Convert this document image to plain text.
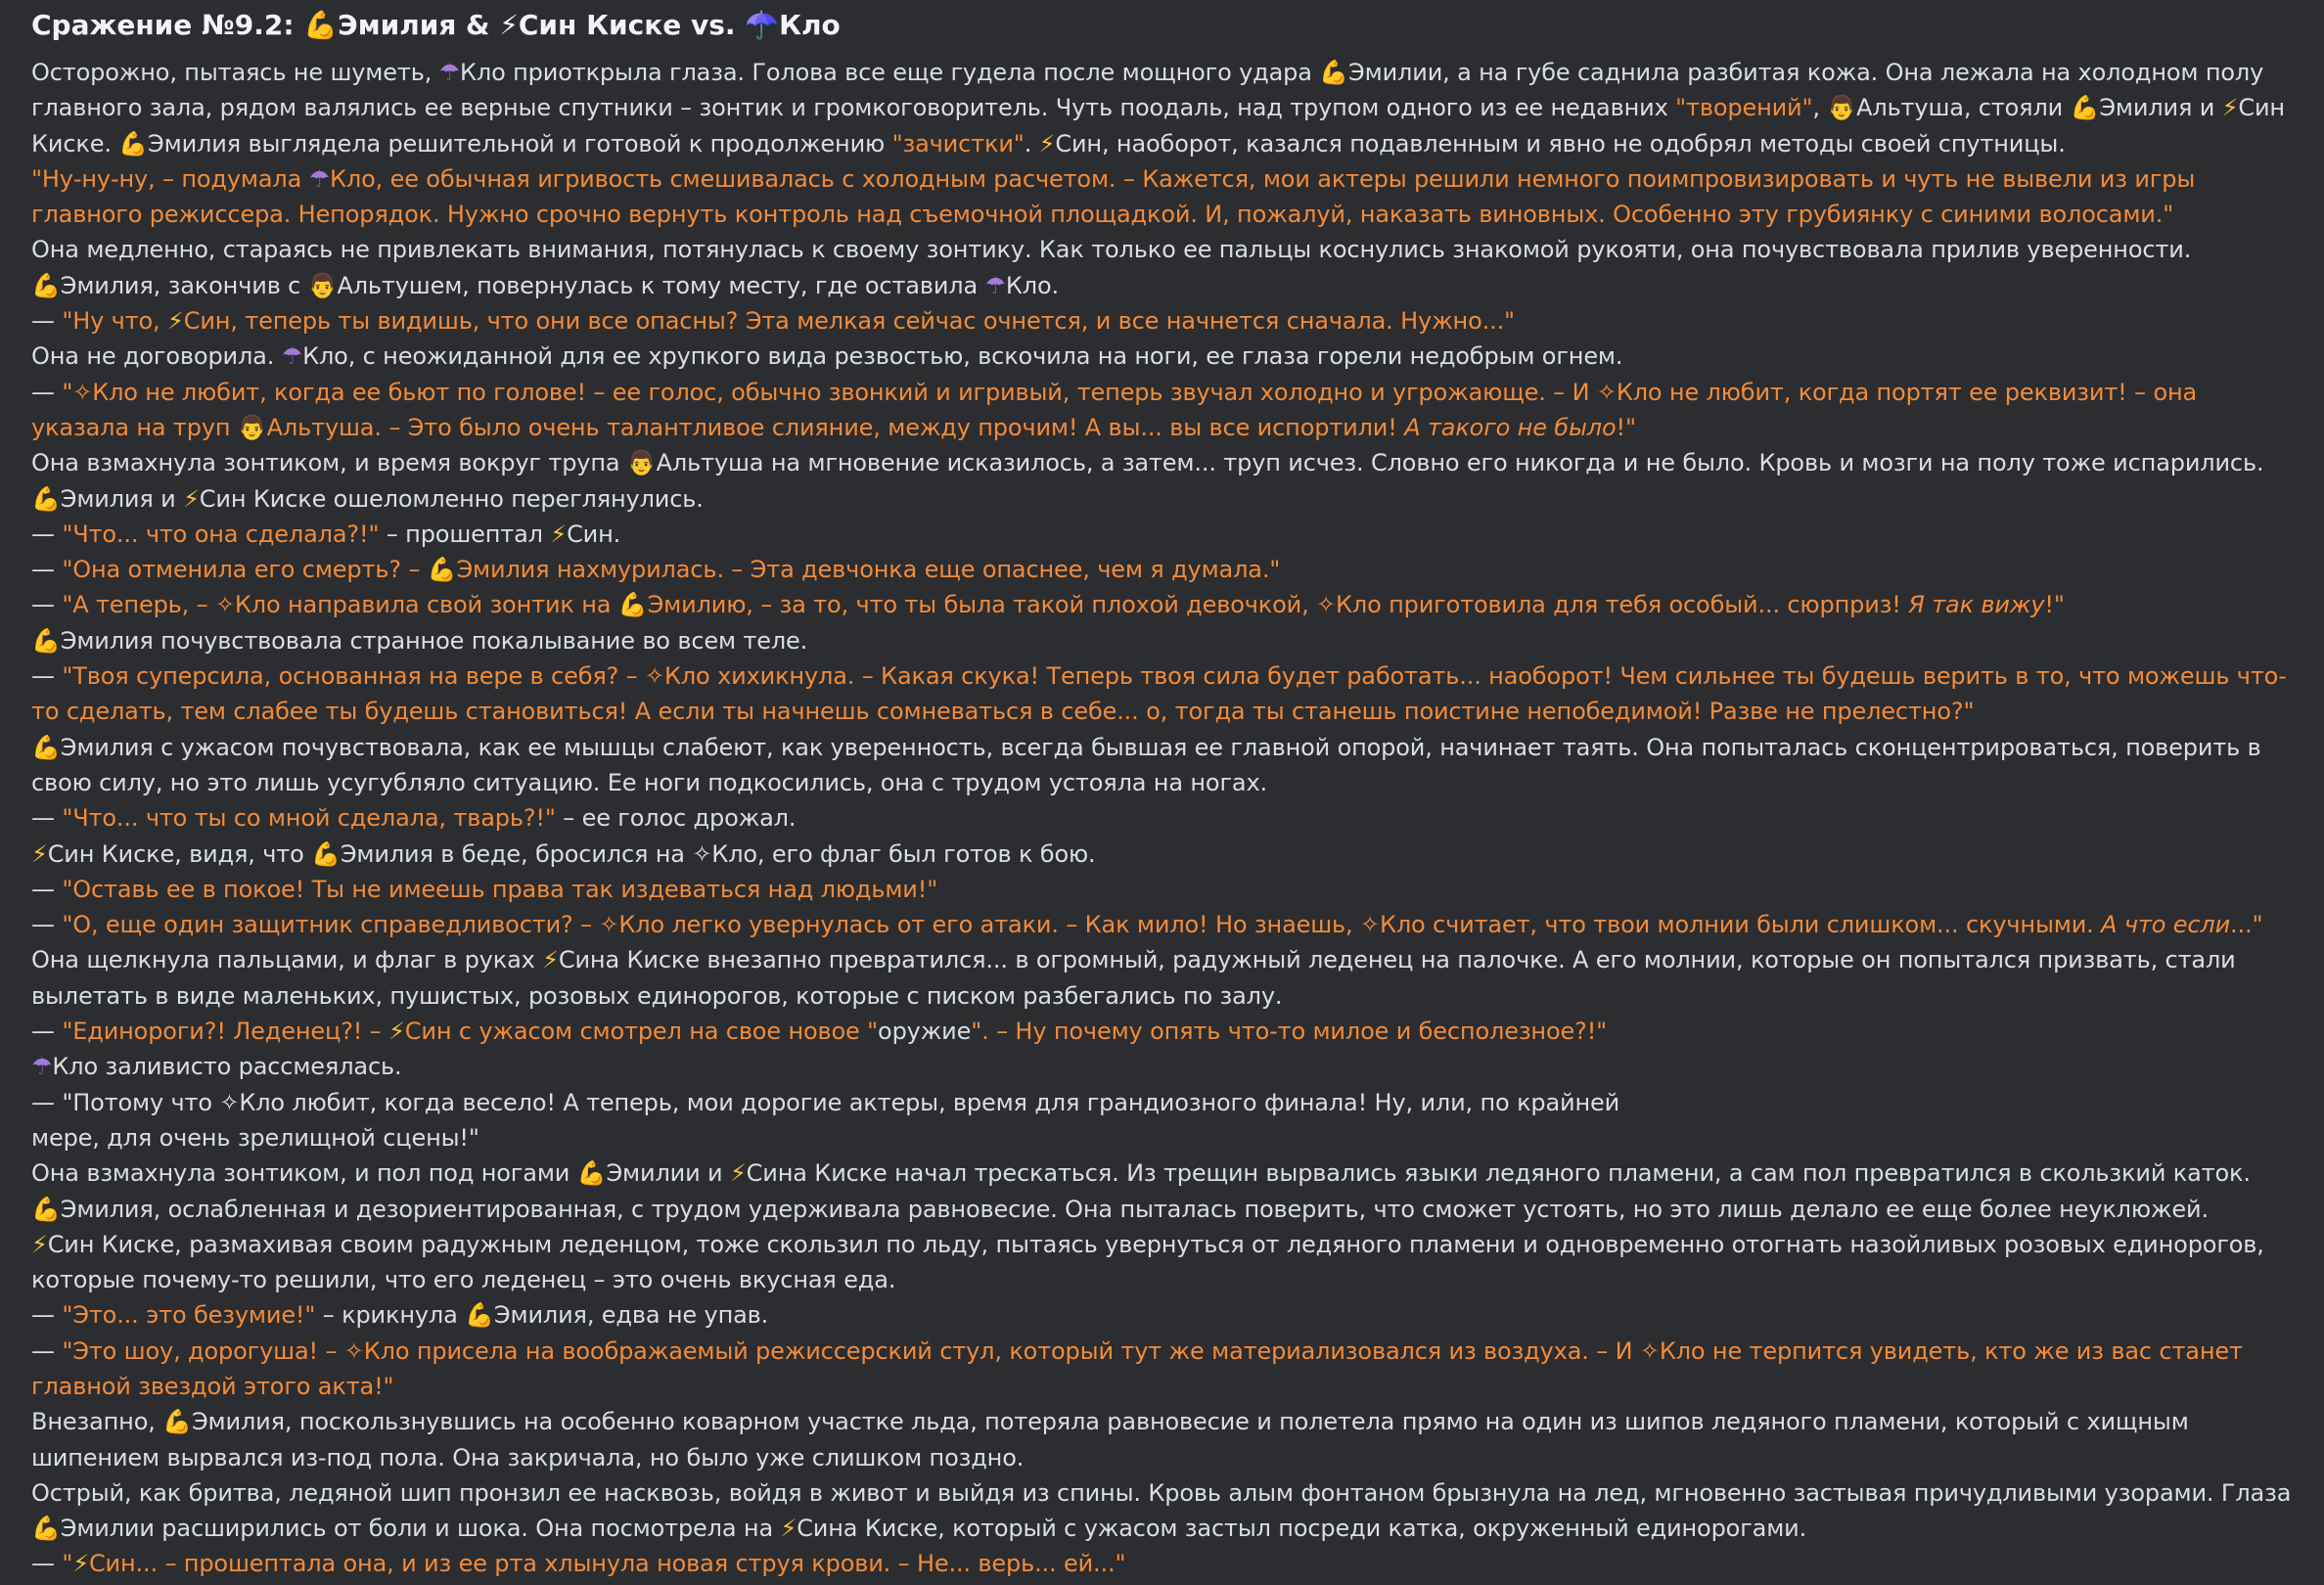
Сражение №9.2: 💪Эмилия & ⚡Син Киске vs. ☂️Кло
Осторожно, пытаясь не шуметь, ☂Кло приоткрыла глаза. Голова все еще гудела после мощного удара 💪Эмилии, а на губе саднила разбитая кожа. Она лежала на холодном полу главного зала, рядом валялись ее верные спутники – зонтик и громкоговоритель. Чуть поодаль, над трупом одного из ее недавних "творений", 👨Альтуша, стояли 💪Эмилия и ⚡Син Киске. 💪Эмилия выглядела решительной и готовой к продолжению "зачистки". ⚡Син, наоборот, казался подавленным и явно не одобрял методы своей спутницы.
"Ну-ну-ну, – подумала ☂Кло, ее обычная игривость смешивалась с холодным расчетом. – Кажется, мои актеры решили немного поимпровизировать и чуть не вывели из игры главного режиссера. Непорядок. Нужно срочно вернуть контроль над съемочной площадкой. И, пожалуй, наказать виновных. Особенно эту грубиянку с синими волосами."
Она медленно, стараясь не привлекать внимания, потянулась к своему зонтику. Как только ее пальцы коснулись знакомой рукояти, она почувствовала прилив уверенности.
💪Эмилия, закончив с 👨Альтушем, повернулась к тому месту, где оставила ☂Кло.
— "Ну что, ⚡Син, теперь ты видишь, что они все опасны? Эта мелкая сейчас очнется, и все начнется сначала. Нужно..."
Она не договорила. ☂Кло, с неожиданной для ее хрупкого вида резвостью, вскочила на ноги, ее глаза горели недобрым огнем.
— "✧Кло не любит, когда ее бьют по голове! – ее голос, обычно звонкий и игривый, теперь звучал холодно и угрожающе. – И ✧Кло не любит, когда портят ее реквизит! – она указала на труп 👨Альтуша. – Это было очень талантливое слияние, между прочим! А вы... вы все испортили! А такого не было!"
Она взмахнула зонтиком, и время вокруг трупа 👨Альтуша на мгновение исказилось, а затем... труп исчез. Словно его никогда и не было. Кровь и мозги на полу тоже испарились.
💪Эмилия и ⚡Син Киске ошеломленно переглянулись.
— "Что... что она сделала?!" – прошептал ⚡Син.
— "Она отменила его смерть? – 💪Эмилия нахмурилась. – Эта девчонка еще опаснее, чем я думала."
— "А теперь, – ✧Кло направила свой зонтик на 💪Эмилию, – за то, что ты была такой плохой девочкой, ✧Кло приготовила для тебя особый... сюрприз! Я так вижу!"
💪Эмилия почувствовала странное покалывание во всем теле.
— "Твоя суперсила, основанная на вере в себя? – ✧Кло хихикнула. – Какая скука! Теперь твоя сила будет работать... наоборот! Чем сильнее ты будешь верить в то, что можешь что-то сделать, тем слабее ты будешь становиться! А если ты начнешь сомневаться в себе... о, тогда ты станешь поистине непобедимой! Разве не прелестно?"
💪Эмилия с ужасом почувствовала, как ее мышцы слабеют, как уверенность, всегда бывшая ее главной опорой, начинает таять. Она попыталась сконцентрироваться, поверить в свою силу, но это лишь усугубляло ситуацию. Ее ноги подкосились, она с трудом устояла на ногах.
— "Что... что ты со мной сделала, тварь?!" – ее голос дрожал.
⚡Син Киске, видя, что 💪Эмилия в беде, бросился на ✧Кло, его флаг был готов к бою.
— "Оставь ее в покое! Ты не имеешь права так издеваться над людьми!"
— "О, еще один защитник справедливости? – ✧Кло легко увернулась от его атаки. – Как мило! Но знаешь, ✧Кло считает, что твои молнии были слишком... скучными. А что если..."
Она щелкнула пальцами, и флаг в руках ⚡Сина Киске внезапно превратился... в огромный, радужный леденец на палочке. А его молнии, которые он попытался призвать, стали вылетать в виде маленьких, пушистых, розовых единорогов, которые с писком разбегались по залу.
— "Единороги?! Леденец?! – ⚡Син с ужасом смотрел на свое новое "оружие". – Ну почему опять что-то милое и бесполезное?!"
☂Кло заливисто рассмеялась.
— "Потому что ✧Кло любит, когда весело! А теперь, мои дорогие актеры, время для грандиозного финала! Ну, или, по крайней
мере, для очень зрелищной сцены!"
Она взмахнула зонтиком, и пол под ногами 💪Эмилии и ⚡Сина Киске начал трескаться. Из трещин вырвались языки ледяного пламени, а сам пол превратился в скользкий каток.
💪Эмилия, ослабленная и дезориентированная, с трудом удерживала равновесие. Она пыталась поверить, что сможет устоять, но это лишь делало ее еще более неуклюжей.
⚡Син Киске, размахивая своим радужным леденцом, тоже скользил по льду, пытаясь увернуться от ледяного пламени и одновременно отогнать назойливых розовых единорогов, которые почему-то решили, что его леденец – это очень вкусная еда.
— "Это... это безумие!" – крикнула 💪Эмилия, едва не упав.
— "Это шоу, дорогуша! – ✧Кло присела на воображаемый режиссерский стул, который тут же материализовался из воздуха. – И ✧Кло не терпится увидеть, кто же из вас станет главной звездой этого акта!"
Внезапно, 💪Эмилия, поскользнувшись на особенно коварном участке льда, потеряла равновесие и полетела прямо на один из шипов ледяного пламени, который с хищным шипением вырвался из-под пола. Она закричала, но было уже слишком поздно.
Острый, как бритва, ледяной шип пронзил ее насквозь, войдя в живот и выйдя из спины. Кровь алым фонтаном брызнула на лед, мгновенно застывая причудливыми узорами. Глаза 💪Эмилии расширились от боли и шока. Она посмотрела на ⚡Сина Киске, который с ужасом застыл посреди катка, окруженный единорогами.
— "⚡Син... – прошептала она, и из ее рта хлынула новая струя крови. – Не... верь... ей..."
